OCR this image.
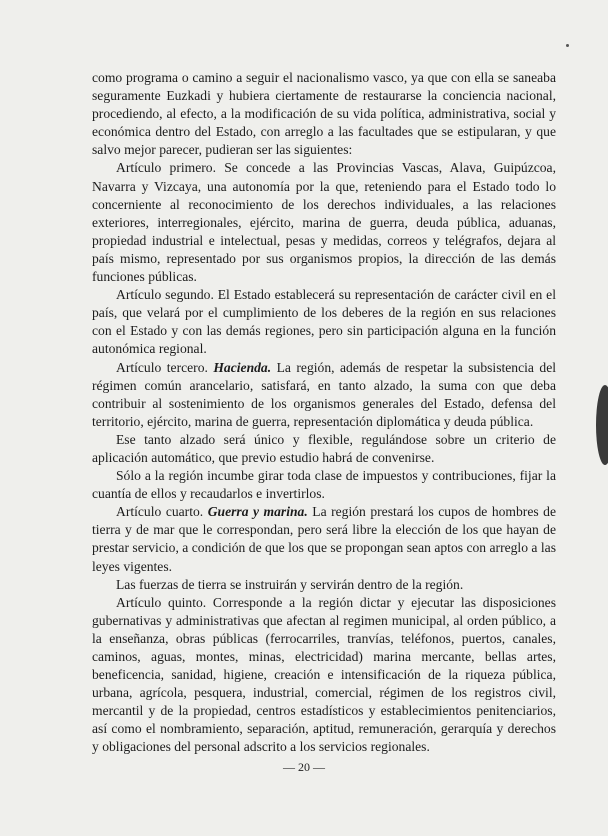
como programa o camino a seguir el nacionalismo vasco, ya que con ella se saneaba seguramente Euzkadi y hubiera ciertamente de restaurarse la conciencia nacional, procediendo, al efecto, a la modificación de su vida política, administrativa, social y económica dentro del Estado, con arreglo a las facultades que se estipularan, y que salvo mejor parecer, pudieran ser las siguientes:

Artículo primero. Se concede a las Provincias Vascas, Alava, Guipúzcoa, Navarra y Vizcaya, una autonomía por la que, reteniendo para el Estado todo lo concerniente al reconocimiento de los derechos individuales, a las relaciones exteriores, interregionales, ejército, marina de guerra, deuda pública, aduanas, propiedad industrial e intelectual, pesas y medidas, correos y telégrafos, dejara al país mismo, representado por sus organismos propios, la dirección de las demás funciones públicas.

Artículo segundo. El Estado establecerá su representación de carácter civil en el país, que velará por el cumplimiento de los deberes de la región en sus relaciones con el Estado y con las demás regiones, pero sin participación alguna en la función autonómica regional.

Artículo tercero. Hacienda. La región, además de respetar la subsistencia del régimen común arancelario, satisfará, en tanto alzado, la suma con que deba contribuir al sostenimiento de los organismos generales del Estado, defensa del territorio, ejército, marina de guerra, representación diplomática y deuda pública.

Ese tanto alzado será único y flexible, regulándose sobre un criterio de aplicación automático, que previo estudio habrá de convenirse.

Sólo a la región incumbe girar toda clase de impuestos y contribuciones, fijar la cuantía de ellos y recaudarlos e invertirlos.

Artículo cuarto. Guerra y marina. La región prestará los cupos de hombres de tierra y de mar que le correspondan, pero será libre la elección de los que hayan de prestar servicio, a condición de que los que se propongan sean aptos con arreglo a las leyes vigentes.

Las fuerzas de tierra se instruirán y servirán dentro de la región.

Artículo quinto. Corresponde a la región dictar y ejecutar las disposiciones gubernativas y administrativas que afectan al regimen municipal, al orden público, a la enseñanza, obras públicas (ferrocarriles, tranvías, teléfonos, puertos, canales, caminos, aguas, montes, minas, electricidad) marina mercante, bellas artes, beneficencia, sanidad, higiene, creación e intensificación de la riqueza pública, urbana, agrícola, pesquera, industrial, comercial, régimen de los registros civil, mercantil y de la propiedad, centros estadísticos y establecimientos penitenciarios, así como el nombramiento, separación, aptitud, remuneración, gerarquía y derechos y obligaciones del personal adscrito a los servicios regionales.

— 20 —
